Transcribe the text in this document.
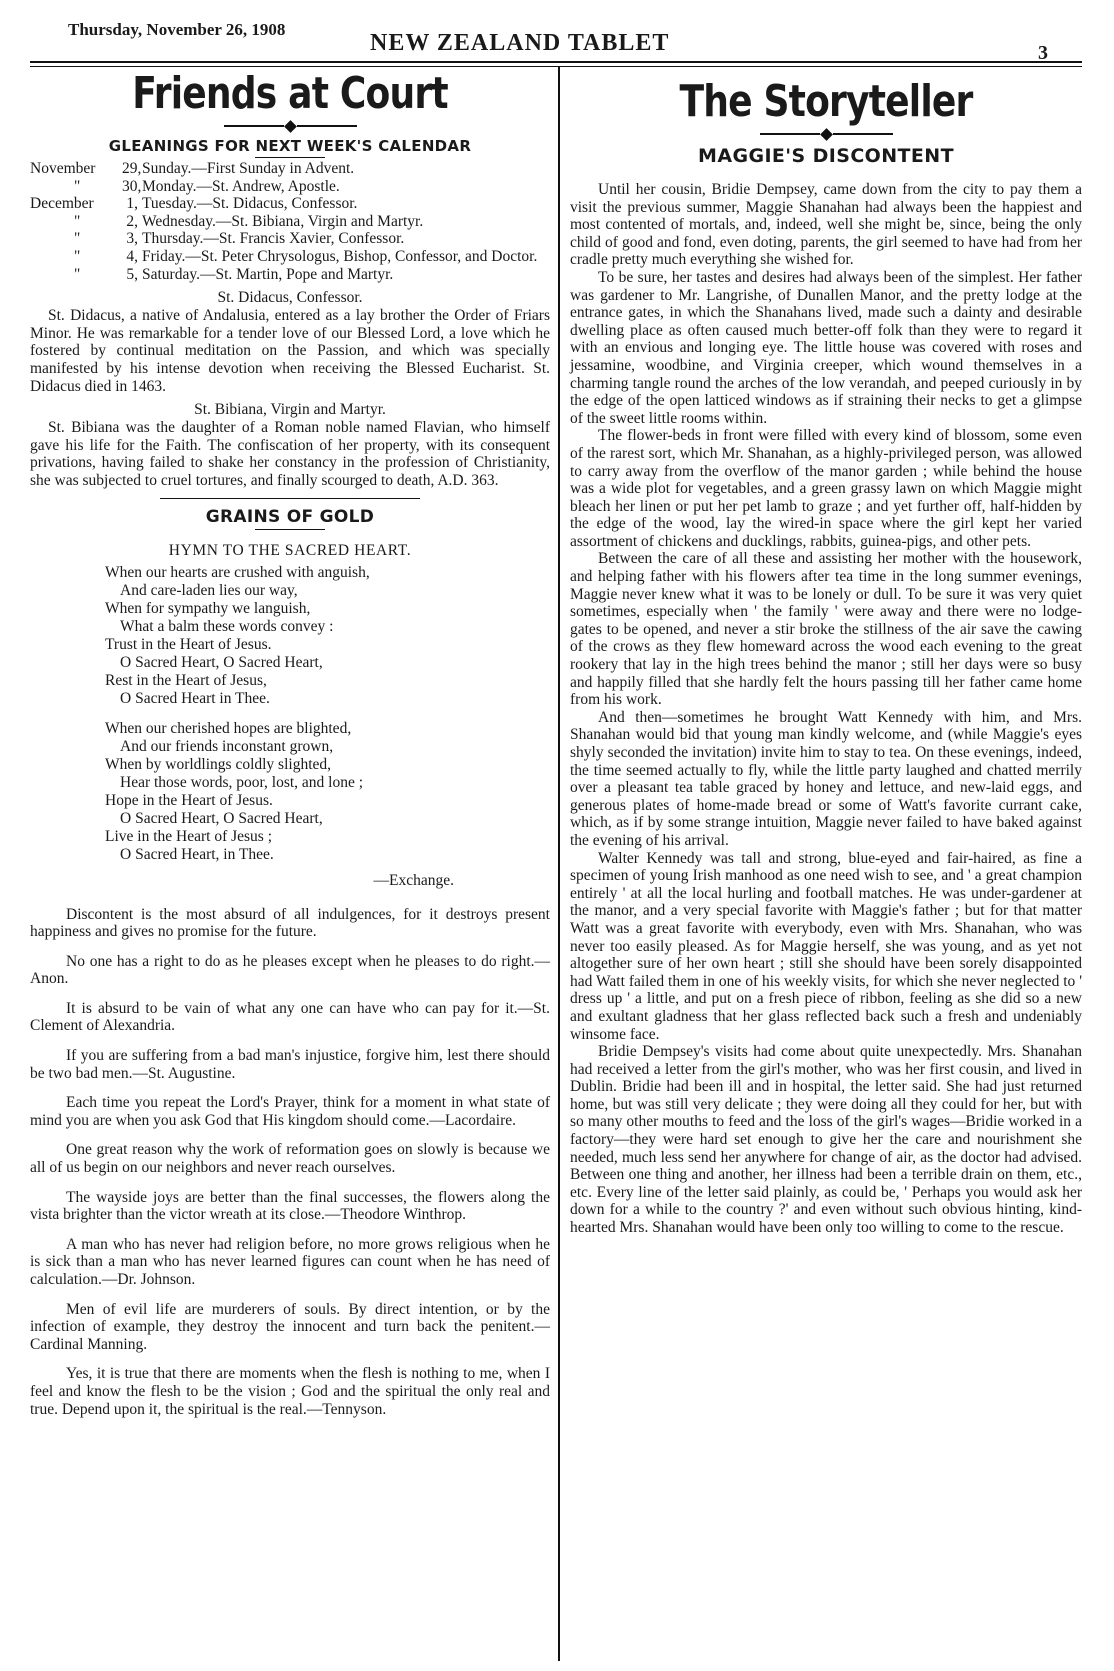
Thursday, November 26, 1908
NEW ZEALAND TABLET	3
Friends at Court
GLEANINGS FOR NEXT WEEK'S CALENDAR
November	29, Sunday.—First Sunday in Advent.
"	30, Monday.—St. Andrew, Apostle.
December	1, Tuesday.—St. Didacus, Confessor.
"	2, Wednesday.—St. Bibiana, Virgin and Martyr.
"	3, Thursday.—St. Francis Xavier, Confessor.
"	4, Friday.—St. Peter Chrysologus, Bishop, Confessor, and Doctor.
"	5, Saturday.—St. Martin, Pope and Martyr.
St. Didacus, Confessor.
St. Didacus, a native of Andalusia, entered as a lay brother the Order of Friars Minor. He was remarkable for a tender love of our Blessed Lord, a love which he fostered by continual meditation on the Passion, and which was specially manifested by his intense devotion when receiving the Blessed Eucharist. St. Didacus died in 1463.
St. Bibiana, Virgin and Martyr.
St. Bibiana was the daughter of a Roman noble named Flavian, who himself gave his life for the Faith. The confiscation of her property, with its consequent privations, having failed to shake her constancy in the profession of Christianity, she was subjected to cruel tortures, and finally scourged to death, A.D. 363.
GRAINS OF GOLD
HYMN TO THE SACRED HEART.
When our hearts are crushed with anguish,
And care-laden lies our way,
When for sympathy we languish,
What a balm these words convey :
Trust in the Heart of Jesus.
O Sacred Heart, O Sacred Heart,
Rest in the Heart of Jesus,
O Sacred Heart in Thee.
When our cherished hopes are blighted,
And our friends inconstant grown,
When by worldlings coldly slighted,
Hear those words, poor, lost, and lone ;
Hope in the Heart of Jesus.
O Sacred Heart, O Sacred Heart,
Live in the Heart of Jesus ;
O Sacred Heart, in Thee.
—Exchange.
Discontent is the most absurd of all indulgences, for it destroys present happiness and gives no promise for the future.
No one has a right to do as he pleases except when he pleases to do right.—Anon.
It is absurd to be vain of what any one can have who can pay for it.—St. Clement of Alexandria.
If you are suffering from a bad man's injustice, forgive him, lest there should be two bad men.—St. Augustine.
Each time you repeat the Lord's Prayer, think for a moment in what state of mind you are when you ask God that His kingdom should come.—Lacordaire.
One great reason why the work of reformation goes on slowly is because we all of us begin on our neighbors and never reach ourselves.
The wayside joys are better than the final successes, the flowers along the vista brighter than the victor wreath at its close.—Theodore Winthrop.
A man who has never had religion before, no more grows religious when he is sick than a man who has never learned figures can count when he has need of calculation.—Dr. Johnson.
Men of evil life are murderers of souls. By direct intention, or by the infection of example, they destroy the innocent and turn back the penitent.—Cardinal Manning.
Yes, it is true that there are moments when the flesh is nothing to me, when I feel and know the flesh to be the vision ; God and the spiritual the only real and true. Depend upon it, the spiritual is the real.—Tennyson.
The Storyteller
MAGGIE'S DISCONTENT
Until her cousin, Bridie Dempsey, came down from the city to pay them a visit the previous summer, Maggie Shanahan had always been the happiest and most contented of mortals, and, indeed, well she might be, since, being the only child of good and fond, even doting, parents, the girl seemed to have had from her cradle pretty much everything she wished for.
To be sure, her tastes and desires had always been of the simplest. Her father was gardener to Mr. Langrishe, of Dunallen Manor, and the pretty lodge at the entrance gates, in which the Shanahans lived, made such a dainty and desirable dwelling place as often caused much better-off folk than they were to regard it with an envious and longing eye. The little house was covered with roses and jessamine, woodbine, and Virginia creeper, which wound themselves in a charming tangle round the arches of the low verandah, and peeped curiously in by the edge of the open latticed windows as if straining their necks to get a glimpse of the sweet little rooms within.
The flower-beds in front were filled with every kind of blossom, some even of the rarest sort, which Mr. Shanahan, as a highly-privileged person, was allowed to carry away from the overflow of the manor garden ; while behind the house was a wide plot for vegetables, and a green grassy lawn on which Maggie might bleach her linen or put her pet lamb to graze ; and yet further off, half-hidden by the edge of the wood, lay the wired-in space where the girl kept her varied assortment of chickens and ducklings, rabbits, guinea-pigs, and other pets.
Between the care of all these and assisting her mother with the housework, and helping father with his flowers after tea time in the long summer evenings, Maggie never knew what it was to be lonely or dull. To be sure it was very quiet sometimes, especially when ' the family ' were away and there were no lodge-gates to be opened, and never a stir broke the stillness of the air save the cawing of the crows as they flew homeward across the wood each evening to the great rookery that lay in the high trees behind the manor ; still her days were so busy and happily filled that she hardly felt the hours passing till her father came home from his work.
And then—sometimes he brought Watt Kennedy with him, and Mrs. Shanahan would bid that young man kindly welcome, and (while Maggie's eyes shyly seconded the invitation) invite him to stay to tea. On these evenings, indeed, the time seemed actually to fly, while the little party laughed and chatted merrily over a pleasant tea table graced by honey and lettuce, and new-laid eggs, and generous plates of home-made bread or some of Watt's favorite currant cake, which, as if by some strange intuition, Maggie never failed to have baked against the evening of his arrival.
Walter Kennedy was tall and strong, blue-eyed and fair-haired, as fine a specimen of young Irish manhood as one need wish to see, and ' a great champion entirely ' at all the local hurling and football matches. He was under-gardener at the manor, and a very special favorite with Maggie's father ; but for that matter Watt was a great favorite with everybody, even with Mrs. Shanahan, who was never too easily pleased. As for Maggie herself, she was young, and as yet not altogether sure of her own heart ; still she should have been sorely disappointed had Watt failed them in one of his weekly visits, for which she never neglected to ' dress up ' a little, and put on a fresh piece of ribbon, feeling as she did so a new and exultant gladness that her glass reflected back such a fresh and undeniably winsome face.
Bridie Dempsey's visits had come about quite unexpectedly. Mrs. Shanahan had received a letter from the girl's mother, who was her first cousin, and lived in Dublin. Bridie had been ill and in hospital, the letter said. She had just returned home, but was still very delicate ; they were doing all they could for her, but with so many other mouths to feed and the loss of the girl's wages—Bridie worked in a factory—they were hard set enough to give her the care and nourishment she needed, much less send her anywhere for change of air, as the doctor had advised. Between one thing and another, her illness had been a terrible drain on them, etc., etc. Every line of the letter said plainly, as could be, ' Perhaps you would ask her down for a while to the country ?' and even without such obvious hinting, kind-hearted Mrs. Shanahan would have been only too willing to come to the rescue.
